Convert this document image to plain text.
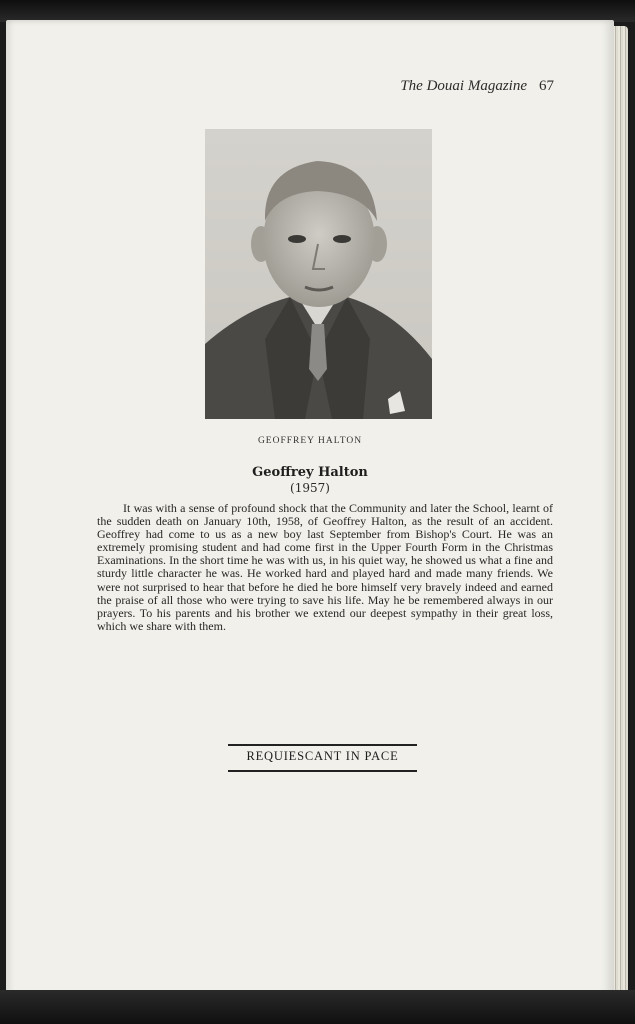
The Douai Magazine 67
GEOFFREY HALTON
Geoffrey Halton
(1957)
It was with a sense of profound shock that the Community and later the School, learnt of the sudden death on January 10th, 1958, of Geoffrey Halton, as the result of an accident. Geoffrey had come to us as a new boy last September from Bishop's Court. He was an extremely promising student and had come first in the Upper Fourth Form in the Christmas Examinations. In the short time he was with us, in his quiet way, he showed us what a fine and sturdy little character he was. He worked hard and played hard and made many friends. We were not surprised to hear that before he died he bore himself very bravely indeed and earned the praise of all those who were trying to save his life. May he be remembered always in our prayers. To his parents and his brother we extend our deepest sympathy in their great loss, which we share with them.
REQUIESCANT IN PACE
